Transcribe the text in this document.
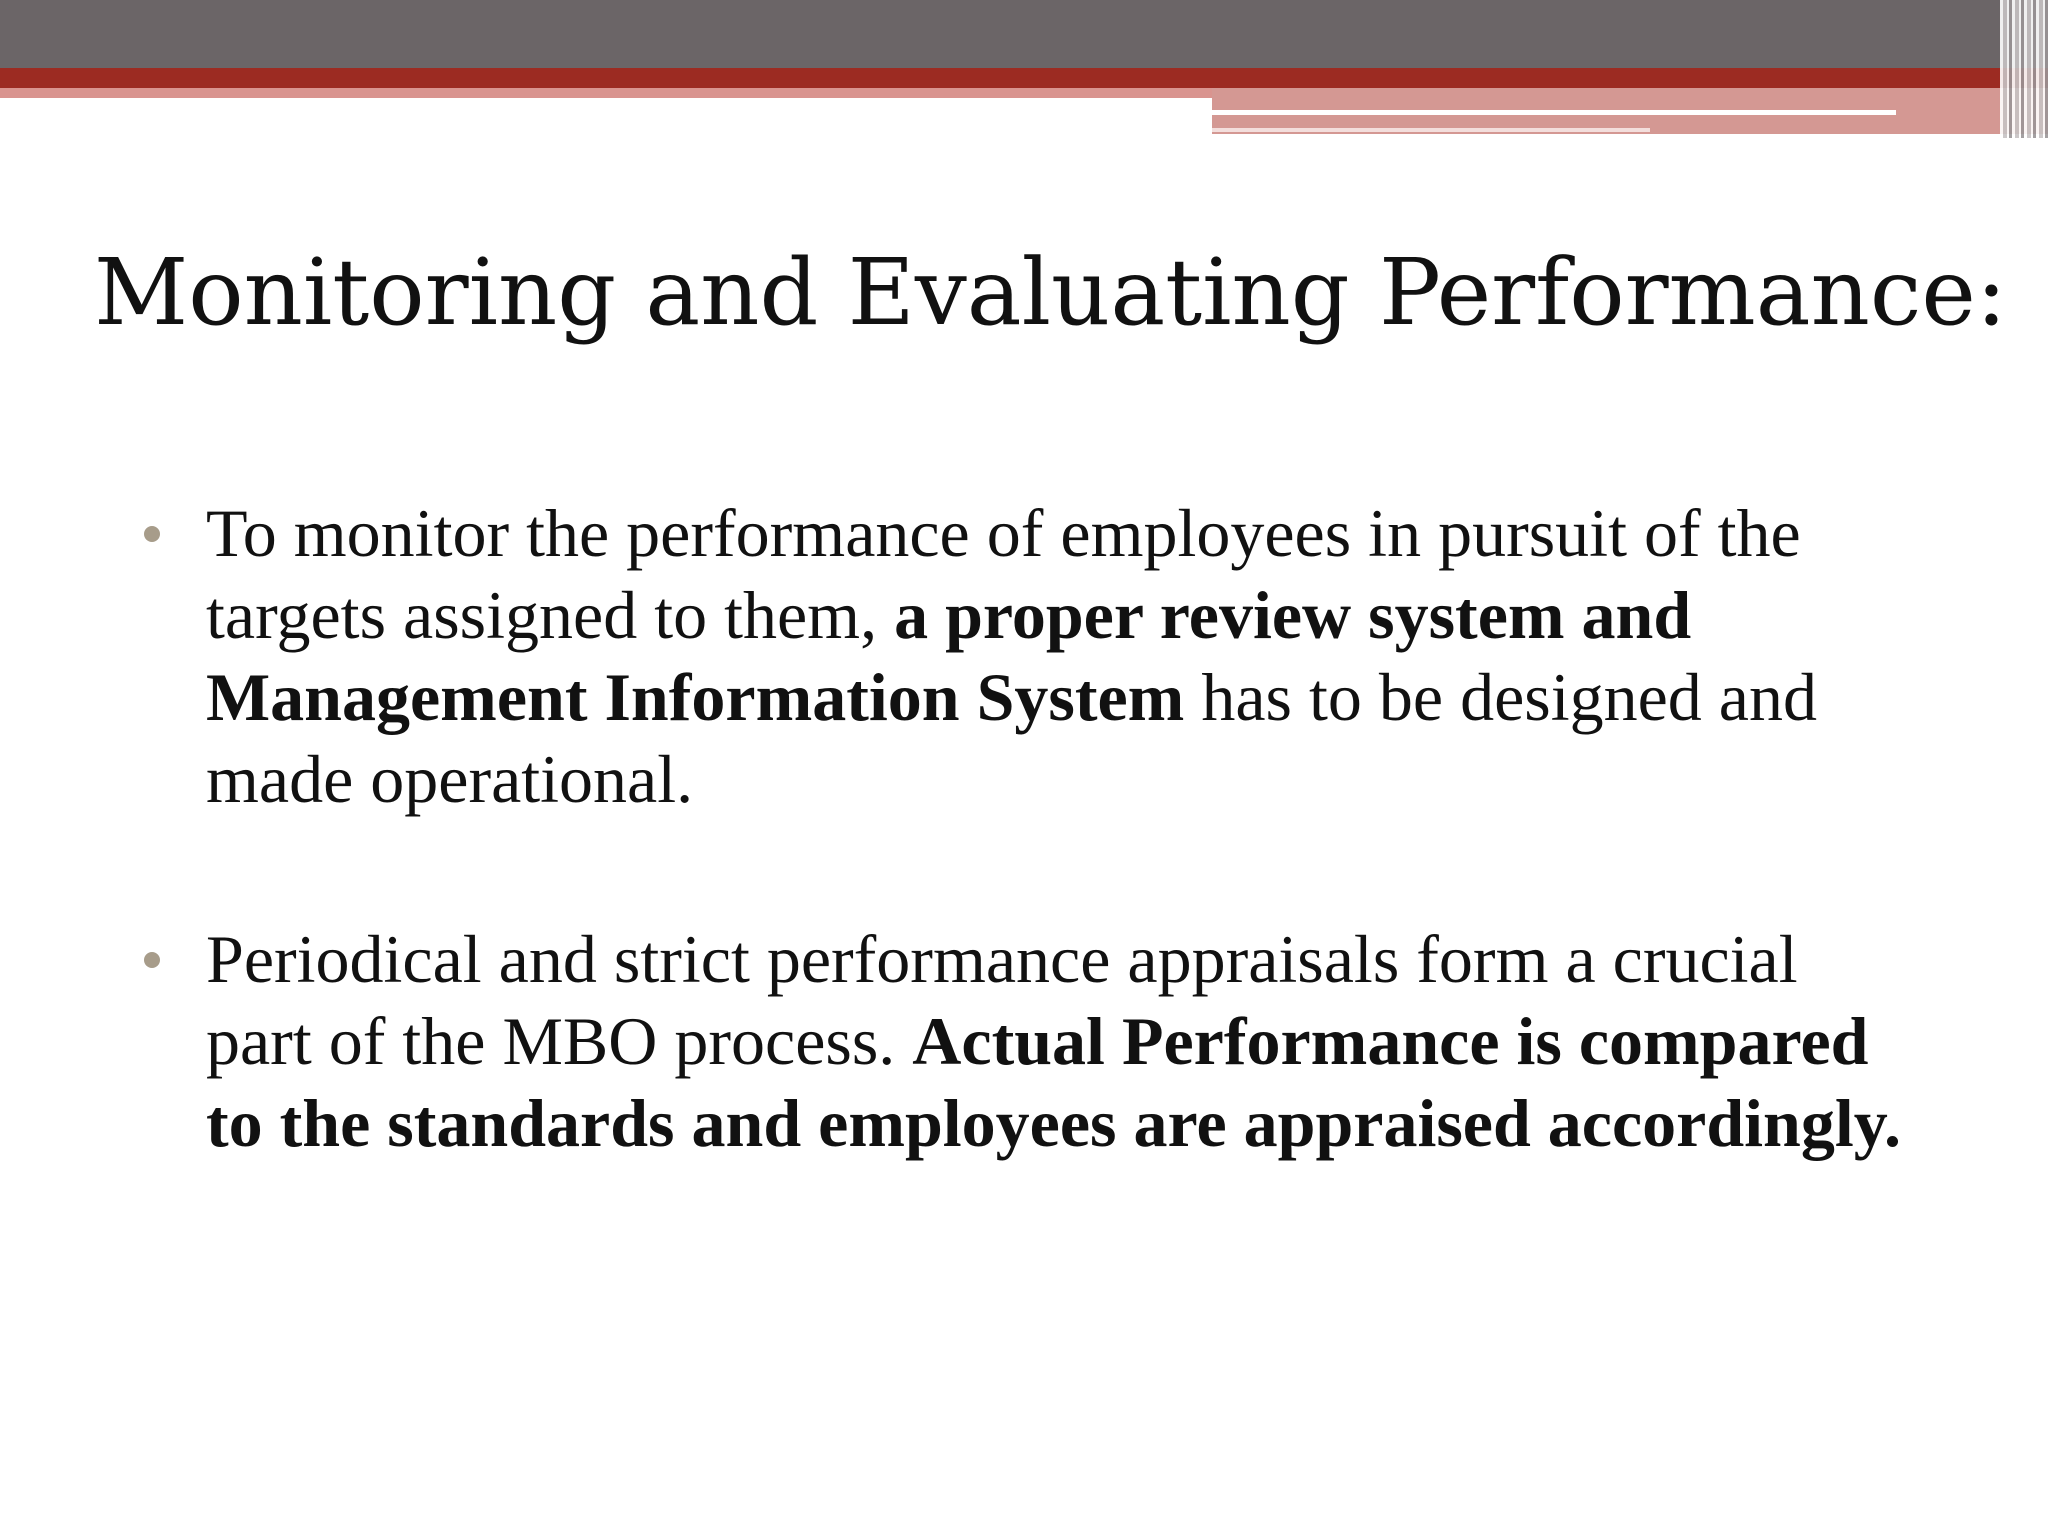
Monitoring and Evaluating Performance:
To monitor the performance of employees in pursuit of the targets assigned to them, a proper review system and Management Information System has to be designed and made operational.
Periodical and strict performance appraisals form a crucial part of the MBO process. Actual Performance is compared to the standards and employees are appraised accordingly.
